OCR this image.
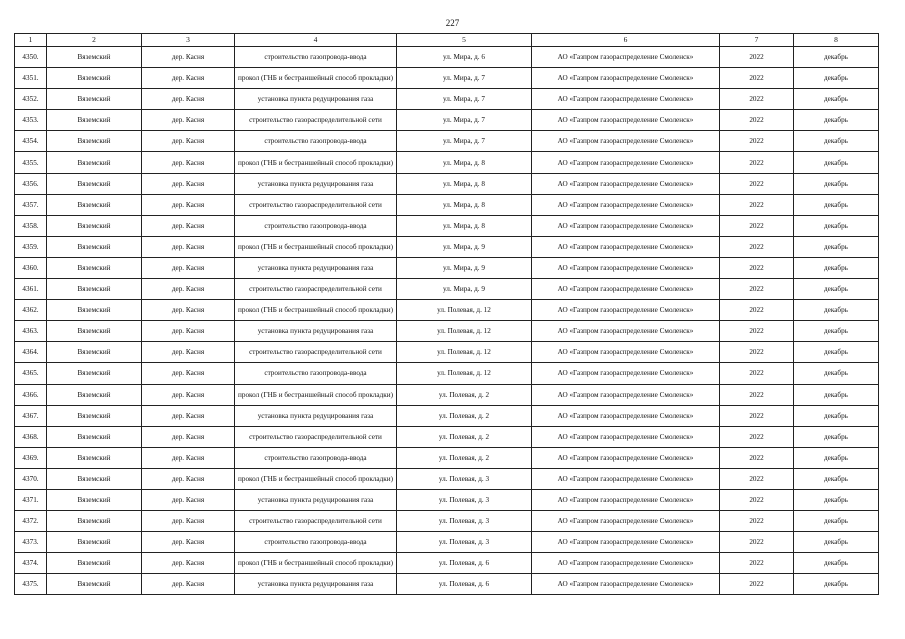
227
1	2	3	4	5	6	7	8
4350.	Вяземский	дер. Касня	строительство газопровода-ввода	ул. Мира, д. 6	АО «Газпром газораспределение Смоленск»	2022	декабрь
4351.	Вяземский	дер. Касня	прокол (ГНБ и бестраншейный способ прокладки)	ул. Мира, д. 7	АО «Газпром газораспределение Смоленск»	2022	декабрь
4352.	Вяземский	дер. Касня	установка пункта редуцирования газа	ул. Мира, д. 7	АО «Газпром газораспределение Смоленск»	2022	декабрь
4353.	Вяземский	дер. Касня	строительство газораспределительной сети	ул. Мира, д. 7	АО «Газпром газораспределение Смоленск»	2022	декабрь
4354.	Вяземский	дер. Касня	строительство газопровода-ввода	ул. Мира, д. 7	АО «Газпром газораспределение Смоленск»	2022	декабрь
4355.	Вяземский	дер. Касня	прокол (ГНБ и бестраншейный способ прокладки)	ул. Мира, д. 8	АО «Газпром газораспределение Смоленск»	2022	декабрь
4356.	Вяземский	дер. Касня	установка пункта редуцирования газа	ул. Мира, д. 8	АО «Газпром газораспределение Смоленск»	2022	декабрь
4357.	Вяземский	дер. Касня	строительство газораспределительной сети	ул. Мира, д. 8	АО «Газпром газораспределение Смоленск»	2022	декабрь
4358.	Вяземский	дер. Касня	строительство газопровода-ввода	ул. Мира, д. 8	АО «Газпром газораспределение Смоленск»	2022	декабрь
4359.	Вяземский	дер. Касня	прокол (ГНБ и бестраншейный способ прокладки)	ул. Мира, д. 9	АО «Газпром газораспределение Смоленск»	2022	декабрь
4360.	Вяземский	дер. Касня	установка пункта редуцирования газа	ул. Мира, д. 9	АО «Газпром газораспределение Смоленск»	2022	декабрь
4361.	Вяземский	дер. Касня	строительство газораспределительной сети	ул. Мира, д. 9	АО «Газпром газораспределение Смоленск»	2022	декабрь
4362.	Вяземский	дер. Касня	прокол (ГНБ и бестраншейный способ прокладки)	ул. Полевая, д. 12	АО «Газпром газораспределение Смоленск»	2022	декабрь
4363.	Вяземский	дер. Касня	установка пункта редуцирования газа	ул. Полевая, д. 12	АО «Газпром газораспределение Смоленск»	2022	декабрь
4364.	Вяземский	дер. Касня	строительство газораспределительной сети	ул. Полевая, д. 12	АО «Газпром газораспределение Смоленск»	2022	декабрь
4365.	Вяземский	дер. Касня	строительство газопровода-ввода	ул. Полевая, д. 12	АО «Газпром газораспределение Смоленск»	2022	декабрь
4366.	Вяземский	дер. Касня	прокол (ГНБ и бестраншейный способ прокладки)	ул. Полевая, д. 2	АО «Газпром газораспределение Смоленск»	2022	декабрь
4367.	Вяземский	дер. Касня	установка пункта редуцирования газа	ул. Полевая, д. 2	АО «Газпром газораспределение Смоленск»	2022	декабрь
4368.	Вяземский	дер. Касня	строительство газораспределительной сети	ул. Полевая, д. 2	АО «Газпром газораспределение Смоленск»	2022	декабрь
4369.	Вяземский	дер. Касня	строительство газопровода-ввода	ул. Полевая, д. 2	АО «Газпром газораспределение Смоленск»	2022	декабрь
4370.	Вяземский	дер. Касня	прокол (ГНБ и бестраншейный способ прокладки)	ул. Полевая, д. 3	АО «Газпром газораспределение Смоленск»	2022	декабрь
4371.	Вяземский	дер. Касня	установка пункта редуцирования газа	ул. Полевая, д. 3	АО «Газпром газораспределение Смоленск»	2022	декабрь
4372.	Вяземский	дер. Касня	строительство газораспределительной сети	ул. Полевая, д. 3	АО «Газпром газораспределение Смоленск»	2022	декабрь
4373.	Вяземский	дер. Касня	строительство газопровода-ввода	ул. Полевая, д. 3	АО «Газпром газораспределение Смоленск»	2022	декабрь
4374.	Вяземский	дер. Касня	прокол (ГНБ и бестраншейный способ прокладки)	ул. Полевая, д. 6	АО «Газпром газораспределение Смоленск»	2022	декабрь
4375.	Вяземский	дер. Касня	установка пункта редуцирования газа	ул. Полевая, д. 6	АО «Газпром газораспределение Смоленск»	2022	декабрь
